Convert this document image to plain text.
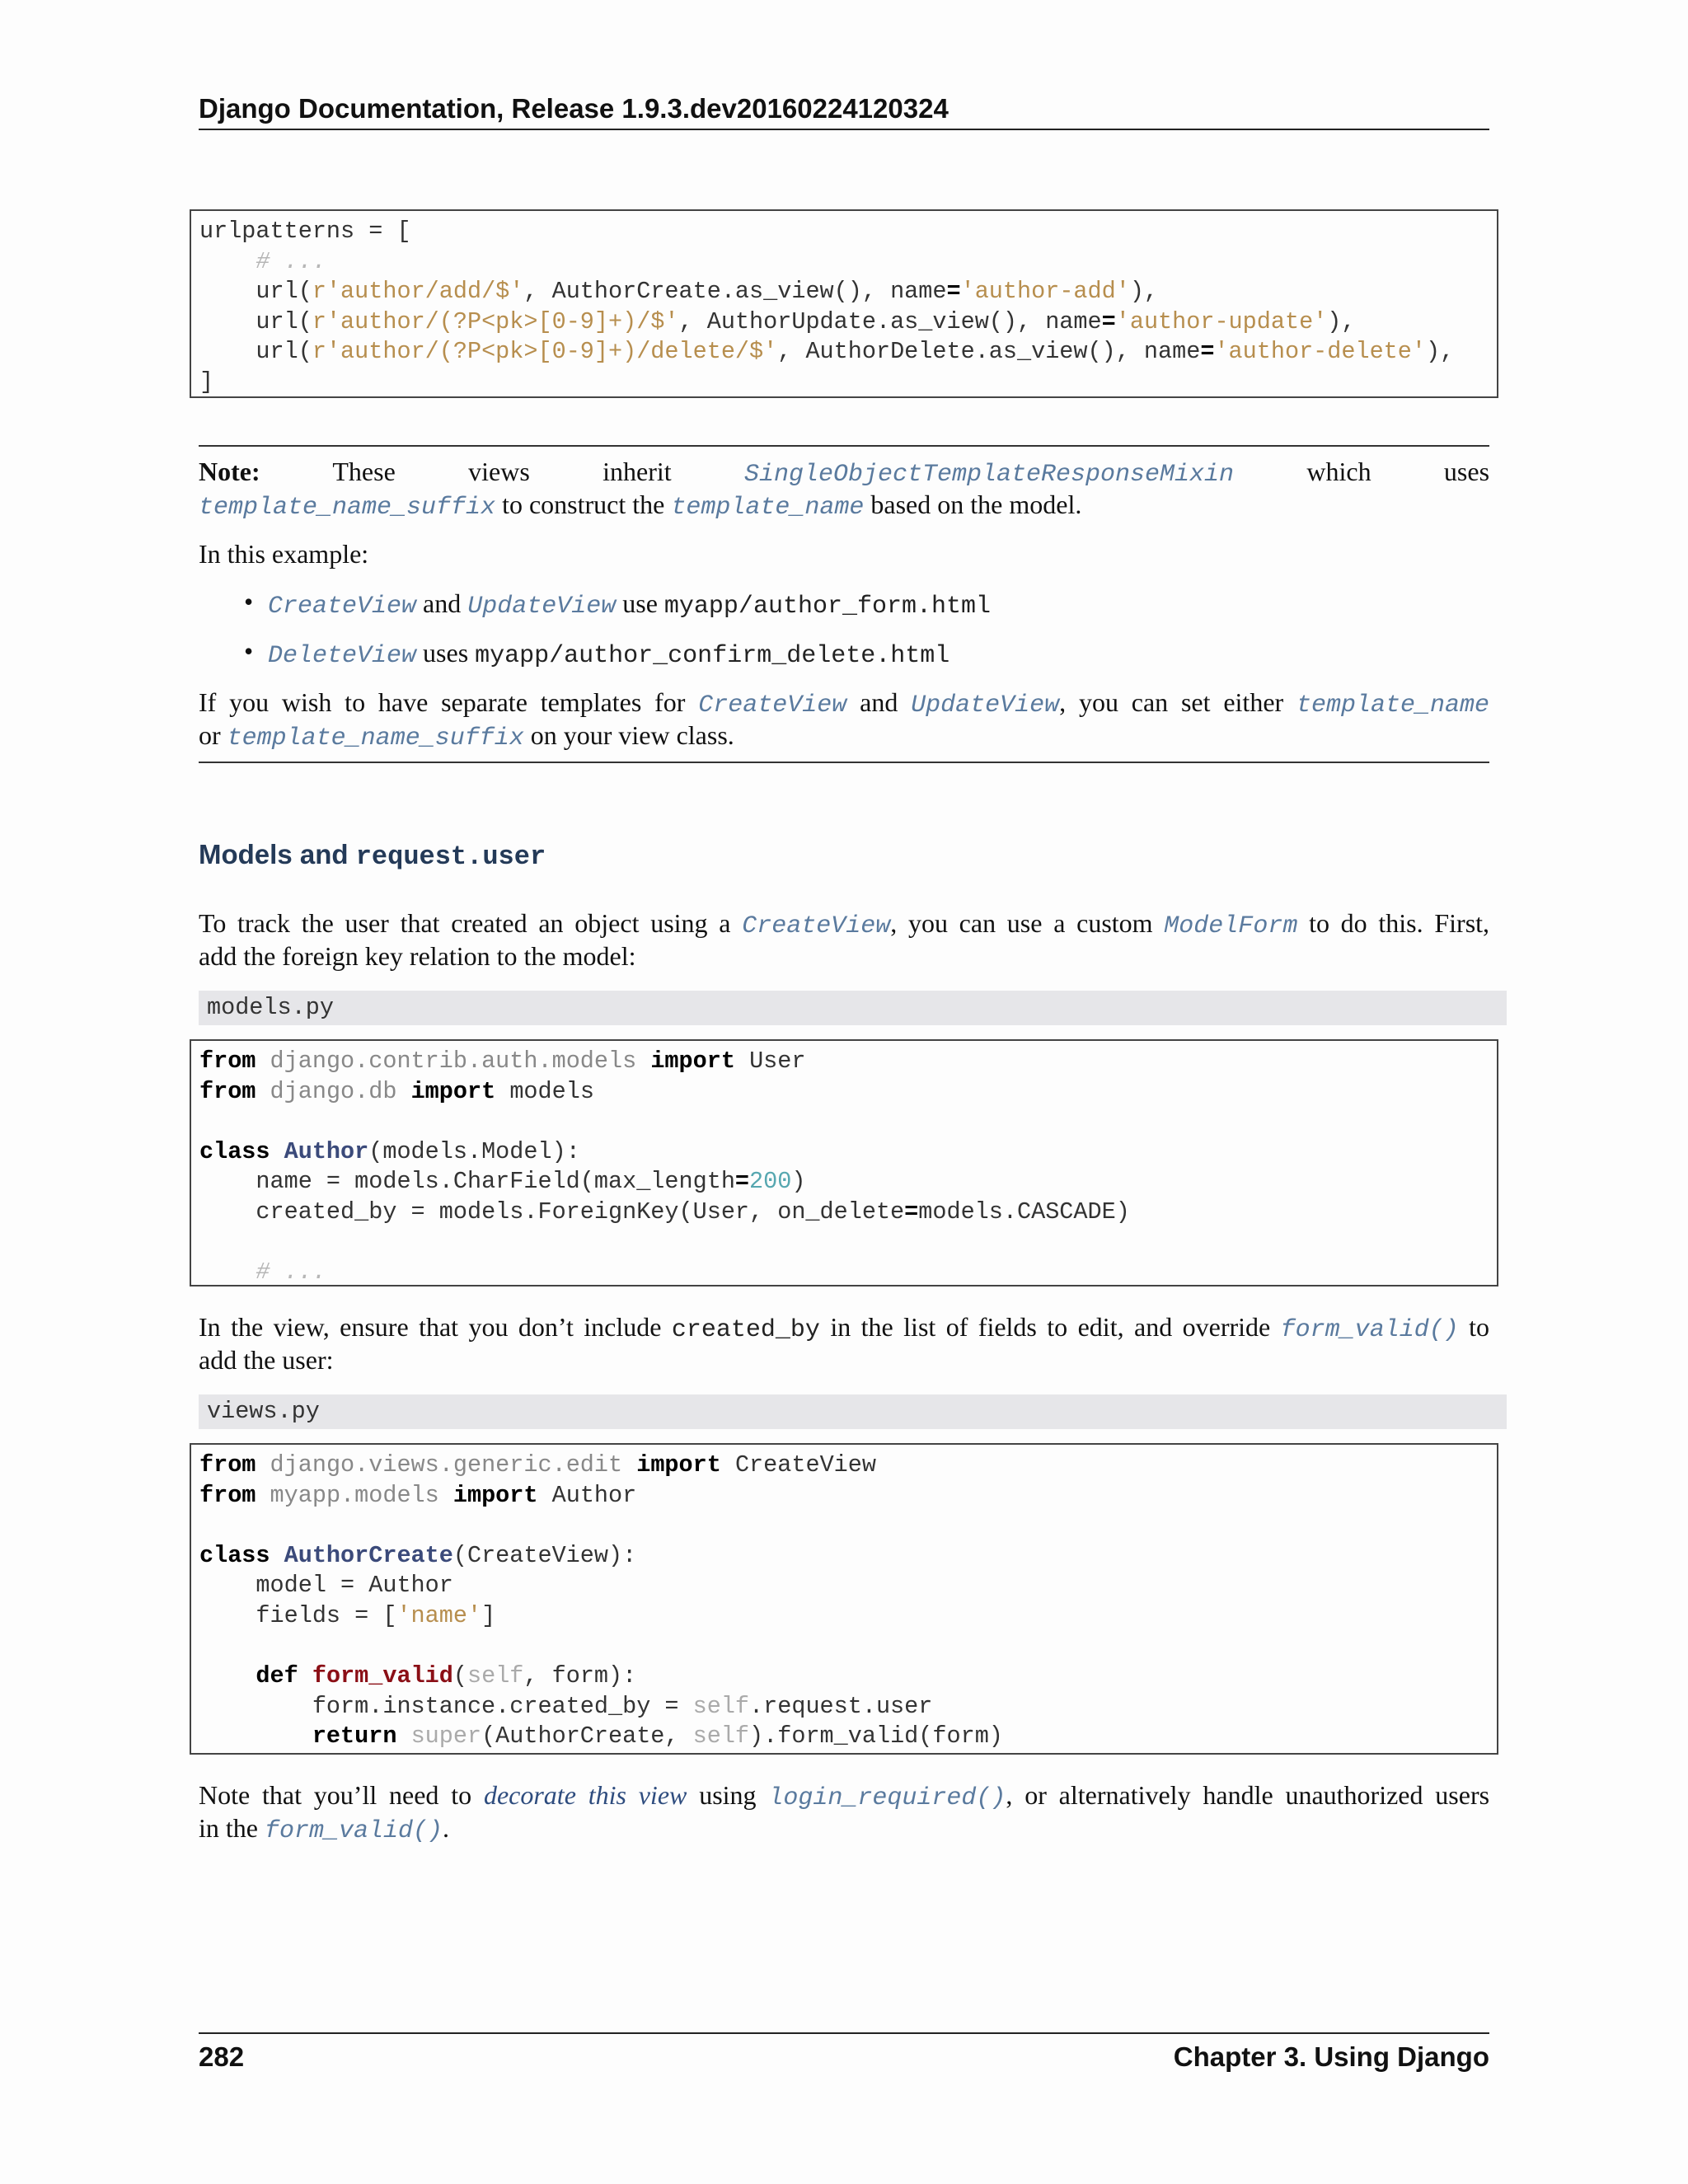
Django Documentation, Release 1.9.3.dev20160224120324
urlpatterns = [
# ...
url(r'author/add/$', AuthorCreate.as_view(), name='author-add'),
url(r'author/(?P<pk>[0-9]+)/$', AuthorUpdate.as_view(), name='author-update'),
url(r'author/(?P<pk>[0-9]+)/delete/$', AuthorDelete.as_view(), name='author-delete'),
]

Note:	These	views	inherit	SingleObjectTemplateResponseMixin	which	uses

template_name_suffix to construct the template_name based on the model.

In this example:

• CreateView and UpdateView use myapp/author_form.html

• DeleteView uses myapp/author_confirm_delete.html

If you wish to have separate templates for CreateView and UpdateView, you can set either template_name

or template_name_suffix on your view class.

Models and request.user

To track the user that created an object using a CreateView, you can use a custom ModelForm to do this. First,

add the foreign key relation to the model:

models.py
from django.contrib.auth.models import User
from django.db import models

class Author(models.Model):
name = models.CharField(max_length=200)
created_by = models.ForeignKey(User, on_delete=models.CASCADE)

# ...

In the view, ensure that you don’t include created_by in the list of fields to edit, and override form_valid() to

add the user:

views.py
from django.views.generic.edit import CreateView
from myapp.models import Author

class AuthorCreate(CreateView):
model = Author
fields = ['name']

def form_valid(self, form):
form.instance.created_by = self.request.user
return super(AuthorCreate, self).form_valid(form)

Note that you’ll need to decorate this view using login_required(), or alternatively handle unauthorized users

in the form_valid().

282	Chapter 3. Using Django
